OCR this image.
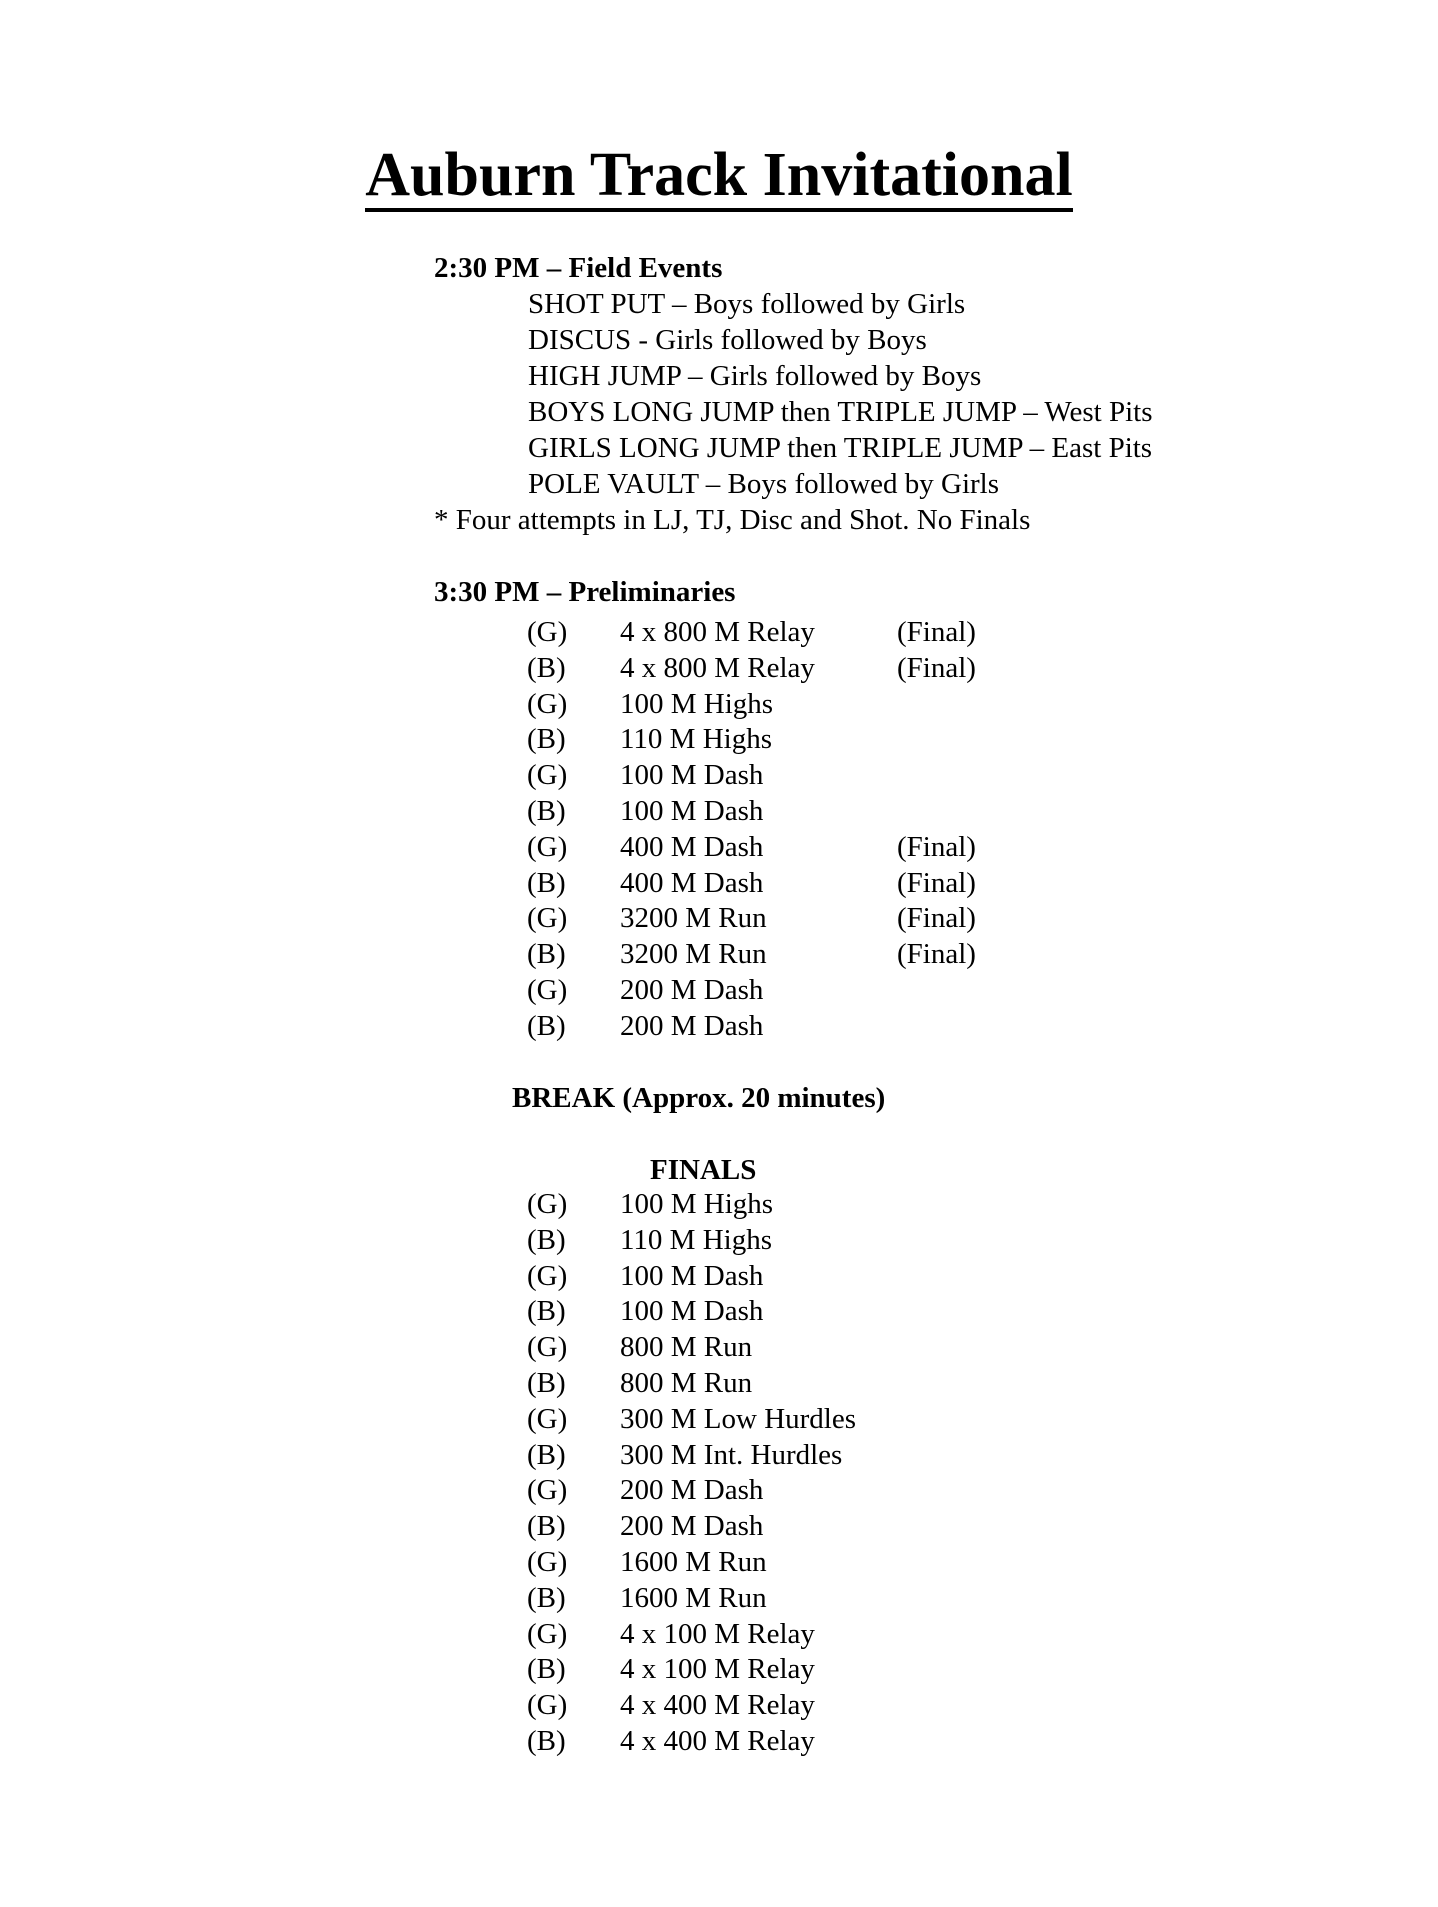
Auburn Track Invitational
2:30 PM – Field Events
SHOT PUT – Boys followed by Girls
DISCUS - Girls followed by Boys
HIGH JUMP – Girls followed by Boys
BOYS LONG JUMP then TRIPLE JUMP – West Pits
GIRLS LONG JUMP then TRIPLE JUMP – East Pits
POLE VAULT – Boys followed by Girls
* Four attempts in LJ, TJ, Disc and Shot. No Finals
3:30 PM – Preliminaries
(G) 4 x 800 M Relay	(Final)
(B) 4 x 800 M Relay	(Final)
(G) 100 M Highs
(B) 110 M Highs
(G) 100 M Dash
(B) 100 M Dash
(G) 400 M Dash	(Final)
(B) 400 M Dash	(Final)
(G) 3200 M Run	(Final)
(B) 3200 M Run	(Final)
(G) 200 M Dash
(B) 200 M Dash
BREAK (Approx. 20 minutes)
FINALS
(G) 100 M Highs
(B) 110 M Highs
(G) 100 M Dash
(B) 100 M Dash
(G) 800 M Run
(B) 800 M Run
(G) 300 M Low Hurdles
(B) 300 M Int. Hurdles
(G) 200 M Dash
(B) 200 M Dash
(G) 1600 M Run
(B) 1600 M Run
(G) 4 x 100 M Relay
(B) 4 x 100 M Relay
(G) 4 x 400 M Relay
(B) 4 x 400 M Relay
